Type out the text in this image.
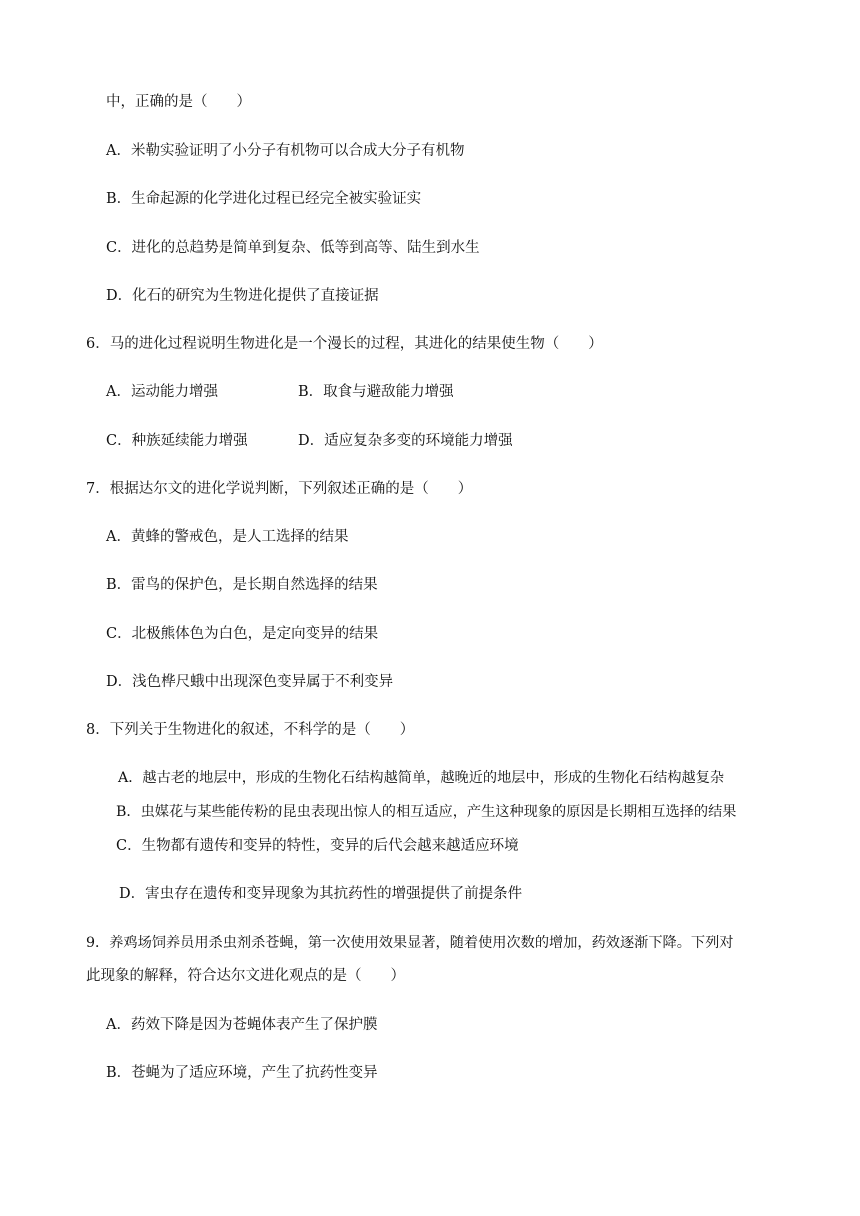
中，正确的是（　　）
A．米勒实验证明了小分子有机物可以合成大分子有机物
B．生命起源的化学进化过程已经完全被实验证实
C．进化的总趋势是简单到复杂、低等到高等、陆生到水生
D．化石的研究为生物进化提供了直接证据
6．马的进化过程说明生物进化是一个漫长的过程，其进化的结果使生物（　　）
A．运动能力增强	B．取食与避敌能力增强
C．种族延续能力增强	D．适应复杂多变的环境能力增强
7．根据达尔文的进化学说判断，下列叙述正确的是（　　）
A．黄蜂的警戒色，是人工选择的结果
B．雷鸟的保护色，是长期自然选择的结果
C．北极熊体色为白色，是定向变异的结果
D．浅色桦尺蛾中出现深色变异属于不利变异
8．下列关于生物进化的叙述，不科学的是（　　）
A．越古老的地层中，形成的生物化石结构越简单，越晚近的地层中，形成的生物化石结构越复杂
B．虫媒花与某些能传粉的昆虫表现出惊人的相互适应，产生这种现象的原因是长期相互选择的结果
C．生物都有遗传和变异的特性，变异的后代会越来越适应环境
D．害虫存在遗传和变异现象为其抗药性的增强提供了前提条件
9．养鸡场饲养员用杀虫剂杀苍蝇，第一次使用效果显著，随着使用次数的增加，药效逐渐下降。下列对
此现象的解释，符合达尔文进化观点的是（　　）
A．药效下降是因为苍蝇体表产生了保护膜
B．苍蝇为了适应环境，产生了抗药性变异
